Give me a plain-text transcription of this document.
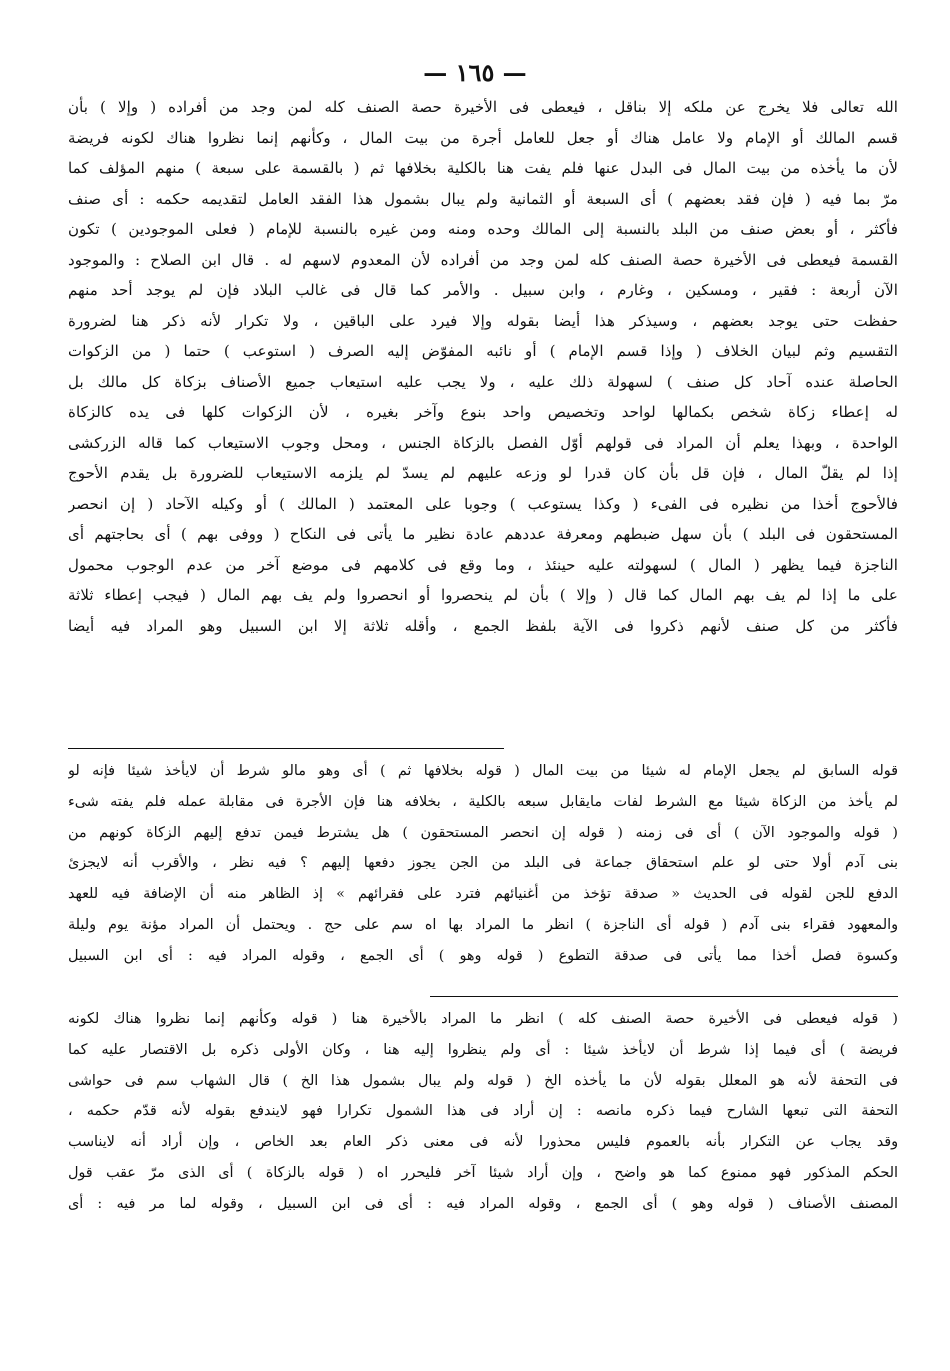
— ١٦٥ —
الله تعالى فلا يخرج عن ملكه إلا بناقل ، فيعطى فى الأخيرة حصة الصنف كله لمن وجد من أفراده ( وإلا ) بأن
قسم المالك أو الإمام ولا عامل هناك أو جعل للعامل أجرة من بيت المال ، وكأنهم إنما نظروا هناك لكونه فريضة
لأن ما يأخذه من بيت المال فى البدل عنها فلم يفت هنا بالكلية بخلافها ثم ( بالقسمة على سبعة ) منهم المؤلف كما
مرّ بما فيه ( فإن فقد بعضهم ) أى السبعة أو الثمانية ولم يبال بشمول هذا الفقد العامل لتقديمه حكمه : أى صنف
فأكثر ، أو بعض صنف من البلد بالنسبة إلى المالك وحده ومنه ومن غيره بالنسبة للإمام ( فعلى الموجودين ) تكون
القسمة فيعطى فى الأخيرة حصة الصنف كله لمن وجد من أفراده لأن المعدوم لاسهم له . قال ابن الصلاح : والموجود
الآن أربعة : فقير ، ومسكين ، وغارم ، وابن سبيل . والأمر كما قال فى غالب البلاد فإن لم يوجد أحد منهم
حفظت حتى يوجد بعضهم ، وسيذكر هذا أيضا بقوله وإلا فيرد على الباقين ، ولا تكرار لأنه ذكر هنا لضرورة
التقسيم وثم لبيان الخلاف ( وإذا قسم الإمام ) أو نائبه المفوّض إليه الصرف ( استوعب ) حتما ( من الزكوات
الحاصلة عنده آحاد كل صنف ) لسهولة ذلك عليه ، ولا يجب عليه استيعاب جميع الأصناف بزكاة كل مالك بل
له إعطاء زكاة شخص بكمالها لواحد وتخصيص واحد بنوع وآخر بغيره ، لأن الزكوات كلها فى يده كالزكاة
الواحدة ، وبهذا يعلم أن المراد فى قولهم أوّل الفصل بالزكاة الجنس ، ومحل وجوب الاستيعاب كما قاله الزركشى
إذا لم يقلّ المال ، فإن قل بأن كان قدرا لو وزعه عليهم لم يسدّ لم يلزمه الاستيعاب للضرورة بل يقدم الأحوج
فالأحوج أخذا من نظيره فى الفىء ( وكذا يستوعب ) وجوبا على المعتمد ( المالك ) أو وكيله الآحاد ( إن انحصر
المستحقون فى البلد ) بأن سهل ضبطهم ومعرفة عددهم عادة نظير ما يأتى فى النكاح ( ووفى بهم ) أى بحاجتهم أى
الناجزة فيما يظهر ( المال ) لسهولته عليه حينئذ ، وما وقع فى كلامهم فى موضع آخر من عدم الوجوب محمول
على ما إذا لم يف بهم المال كما قال ( وإلا ) بأن لم ينحصروا أو انحصروا ولم يف بهم المال ( فيجب إعطاء ثلاثة
فأكثر من كل صنف لأنهم ذكروا فى الآية بلفظ الجمع ، وأقله ثلاثة إلا ابن السبيل وهو المراد فيه أيضا
قوله السابق لم يجعل الإمام له شيئا من بيت المال ( قوله بخلافها ثم ) أى وهو مالو شرط أن لايأخذ شيئا فإنه لو
لم يأخذ من الزكاة شيئا مع الشرط لفات مايقابل سبعه بالكلية ، بخلافه هنا فإن الأجرة فى مقابلة عمله فلم يفته شىء
( قوله والموجود الآن ) أى فى زمنه ( قوله إن انحصر المستحقون ) هل يشترط فيمن تدفع إليهم الزكاة كونهم من
بنى آدم أولا حتى لو علم استحقاق جماعة فى البلد من الجن يجوز دفعها إليهم ؟ فيه نظر ، والأقرب أنه لايجزئ
الدفع للجن لقوله فى الحديث « صدقة تؤخذ من أغنيائهم فترد على فقرائهم » إذ الظاهر منه أن الإضافة فيه للعهد
والمعهود فقراء بنى آدم ( قوله أى الناجزة ) انظر ما المراد بها اه سم على حج . ويحتمل أن المراد مؤنة يوم وليلة
وكسوة فصل أخذا مما يأتى فى صدقة التطوع ( قوله وهو ) أى الجمع ، وقوله المراد فيه : أى ابن السبيل
( قوله فيعطى فى الأخيرة حصة الصنف كله ) انظر ما المراد بالأخيرة هنا ( قوله وكأنهم إنما نظروا هناك لكونه
فريضة ) أى فيما إذا شرط أن لايأخذ شيئا : أى ولم ينظروا إليه هنا ، وكان الأولى ذكره بل الاقتصار عليه كما
فى التحفة لأنه هو المعلل بقوله لأن ما يأخذه الخ ( قوله ولم يبال بشمول هذا الخ ) قال الشهاب سم فى حواشى
التحفة التى تبعها الشارح فيما ذكره مانصه : إن أراد فى هذا الشمول تكرارا فهو لايندفع بقوله لأنه قدّم حكمه ،
وقد يجاب عن التكرار بأنه بالعموم فليس محذورا لأنه فى معنى ذكر العام بعد الخاص ، وإن أراد أنه لايناسب
الحكم المذكور فهو ممنوع كما هو واضح ، وإن أراد شيئا آخر فليحرر اه ( قوله بالزكاة ) أى الذى مرّ عقب قول
المصنف الأصناف ( قوله وهو ) أى الجمع ، وقوله المراد فيه : أى فى ابن السبيل ، وقوله لما مر فيه : أى
